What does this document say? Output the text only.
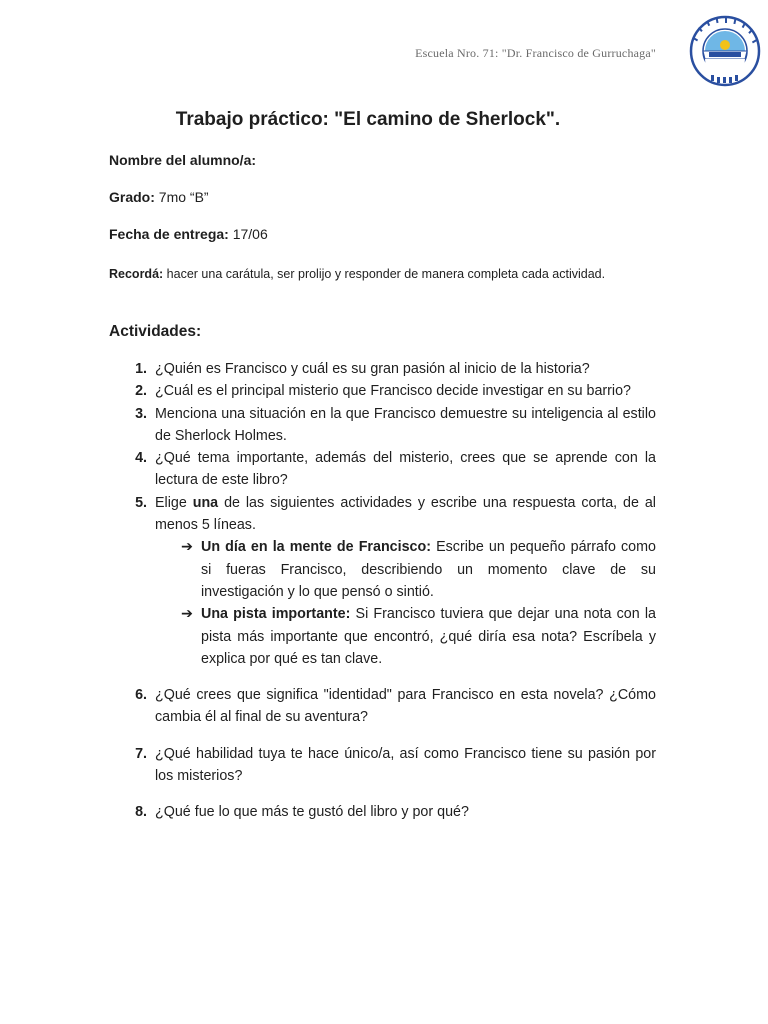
Escuela Nro. 71: "Dr. Francisco de Gurruchaga"
Trabajo práctico: "El camino de Sherlock".
Nombre del alumno/a:
Grado: 7mo “B”
Fecha de entrega: 17/06
Recordá: hacer una carátula, ser prolijo y responder de manera completa cada actividad.
Actividades:
1. ¿Quién es Francisco y cuál es su gran pasión al inicio de la historia?
2. ¿Cuál es el principal misterio que Francisco decide investigar en su barrio?
3. Menciona una situación en la que Francisco demuestre su inteligencia al estilo de Sherlock Holmes.
4. ¿Qué tema importante, además del misterio, crees que se aprende con la lectura de este libro?
5. Elige una de las siguientes actividades y escribe una respuesta corta, de al menos 5 líneas.
➔ Un día en la mente de Francisco: Escribe un pequeño párrafo como si fueras Francisco, describiendo un momento clave de su investigación y lo que pensó o sintió.
➔ Una pista importante: Si Francisco tuviera que dejar una nota con la pista más importante que encontró, ¿qué diría esa nota? Escríbela y explica por qué es tan clave.
6. ¿Qué crees que significa "identidad" para Francisco en esta novela? ¿Cómo cambia él al final de su aventura?
7. ¿Qué habilidad tuya te hace único/a, así como Francisco tiene su pasión por los misterios?
8. ¿Qué fue lo que más te gustó del libro y por qué?
